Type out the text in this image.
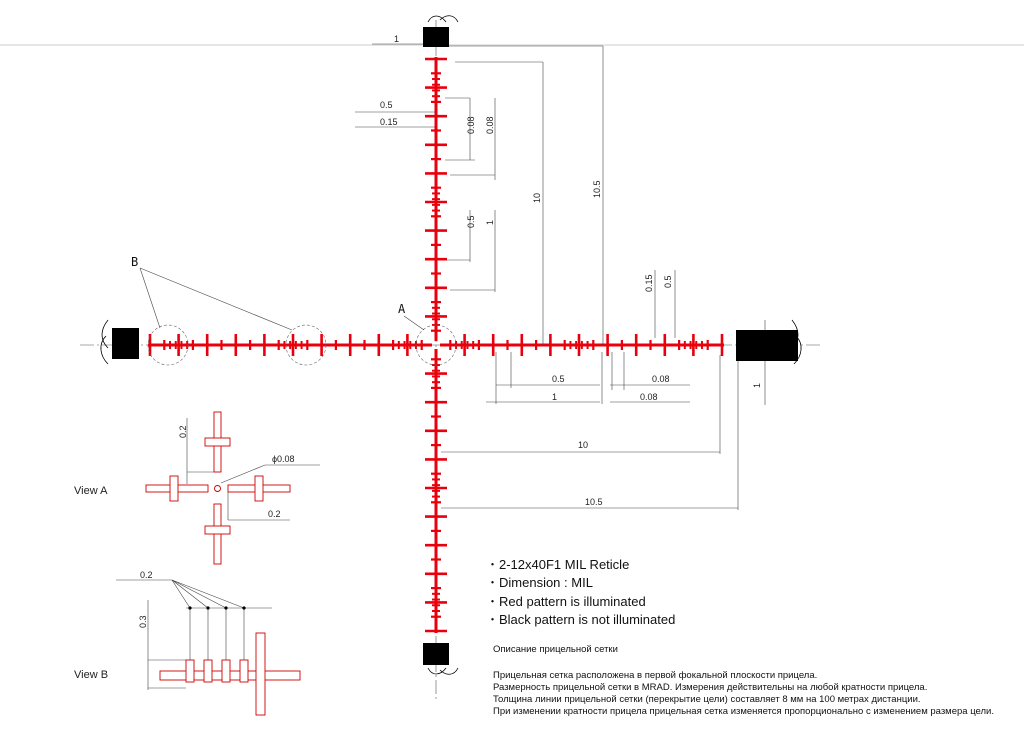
A
B
1
0.5
0.15	0.08 0.08
0.5 1
10	10.5
0.15 0.5
0.5
1
0.08
0.08
1
10
10.5
View A
0.2
ϕ0.08
0.2
View B
0.2
0.3
・2-12x40F1 MIL Reticle
・Dimension : MIL
・Red pattern is illuminated
・Black pattern is not illuminated
Описание прицельной сетки
Прицельная сетка расположена в первой фокальной плоскости прицела.
Размерность прицельной сетки в MRAD. Измерения действительны на любой кратности прицела.
Толщина линии прицельной сетки (перекрытие цели) составляет 8 мм на 100 метрах дистанции.
При изменении кратности прицела прицельная сетка изменяется пропорционально с изменением размера цели.
